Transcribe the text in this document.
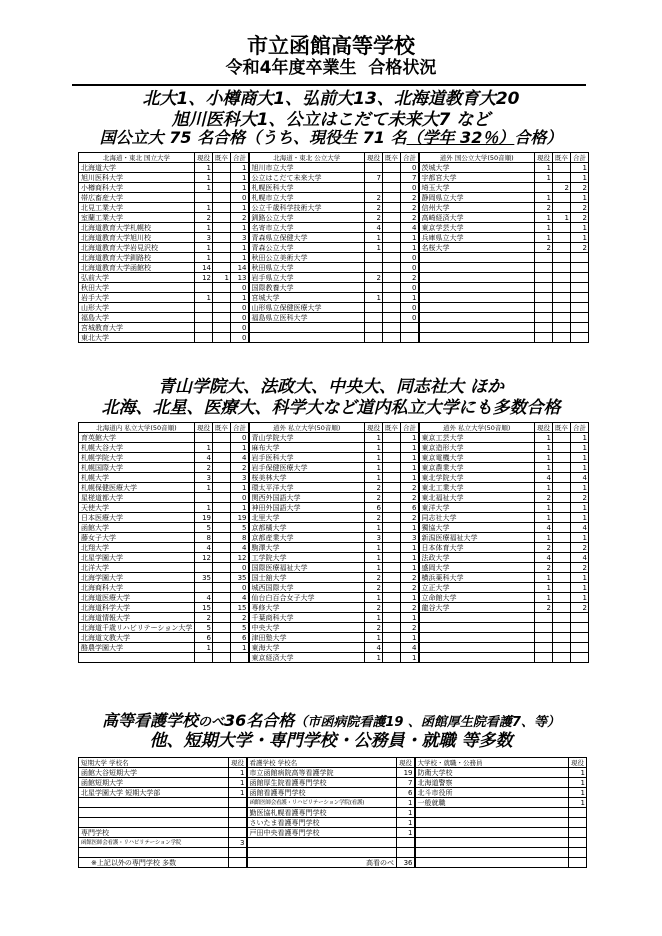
市立函館高等学校
令和4年度卒業生 合格状況
北大1、小樽商大1、弘前大13、北海道教育大20
旭川医科大1、公立はこだて未来大7 など
国公立大 75 名合格（うち、現役生 71 名（学年 32％）合格）
北海道・東北 国立大学	現役	既卒	合計	北海道・東北 公立大学	現役	既卒	合計	道外 国公立大学(50音順)	現役	既卒	合計
北海道大学	1		1	旭川市立大学			0	茨城大学	1		1
旭川医科大学	1		1	公立はこだて未来大学	7		7	宇都宮大学	1		1
小樽商科大学	1		1	札幌医科大学			0	埼玉大学		2	2
帯広畜産大学			0	札幌市立大学	2		2	静岡県立大学	1		1
北見工業大学	1		1	公立千歳科学技術大学	2		2	信州大学	2		2
室蘭工業大学	2		2	釧路公立大学	2		2	高崎経済大学	1	1	2
北海道教育大学札幌校	1		1	名寄市立大学	4		4	東京学芸大学	1		1
北海道教育大学旭川校	3		3	青森県立保健大学	1		1	兵庫県立大学	1		1
北海道教育大学岩見沢校	1		1	青森公立大学	1		1	名桜大学	2		2
北海道教育大学釧路校	1		1	秋田公立美術大学			0				
北海道教育大学函館校	14		14	秋田県立大学			0				
弘前大学	12	1	13	岩手県立大学	2		2				
秋田大学			0	国際教養大学			0				
岩手大学	1		1	宮城大学	1		1				
山形大学			0	山形県立保健医療大学			0				
福島大学			0	福島県立医科大学			0				
宮城教育大学			0								
東北大学			0								
青山学院大、法政大、中央大、同志社大 ほか
北海、北星、医療大、科学大など道内私立大学にも多数合格
北海道内 私立大学(50音順)	現役	既卒	合計	道外 私立大学(50音順)	現役	既卒	合計	道外 私立大学(50音順)	現役	既卒	合計
育英館大学			0	青山学院大学	1		1	東京工芸大学	1		1
札幌大谷大学	1		1	麻布大学	1		1	東京造形大学	1		1
札幌学院大学	4		4	岩手医科大学	1		1	東京電機大学	1		1
札幌国際大学	2		2	岩手保健医療大学	1		1	東京農業大学	1		1
札幌大学	3		3	桜美林大学	1		1	東北学院大学	4		4
札幌保健医療大学	1		1	環太平洋大学	2		2	東北工業大学	1		1
星槎道都大学			0	関西外国語大学	2		2	東北福祉大学	2		2
天使大学	1		1	神田外国語大学	6		6	東洋大学	1		1
日本医療大学	19		19	北里大学	2		2	同志社大学	1		1
函館大学	5		5	京都橘大学	1		1	獨協大学	4		4
藤女子大学	8		8	京都産業大学	3		3	新潟医療福祉大学	1		1
北翔大学	4		4	駒澤大学	1		1	日本体育大学	2		2
北星学園大学	12		12	工学院大学	1		1	法政大学	4		4
北洋大学			0	国際医療福祉大学	1		1	盛岡大学	2		2
北海学園大学	35		35	国士舘大学	2		2	横浜薬科大学	1		1
北海商科大学			0	城西国際大学	2		2	立正大学	1		1
北海道医療大学	4		4	仙台白百合女子大学	1		1	立命館大学	1		1
北海道科学大学	15		15	専修大学	2		2	龍谷大学	2		2
北海道情報大学	2		2	千葉商科大学	1		1				
北海道千歳リハビリテーション大学	5		5	中央大学	2		2				
北海道文教大学	6		6	津田塾大学	1		1				
酪農学園大学	1		1	東海大学	4		4				
				東京経済大学	1		1				
高等看護学校のべ36名合格（市函病院看護19 、函館厚生院看護7、等）
他、短期大学・専門学校・公務員・就職 等多数
短期大学 学校名	現役	看護学校 学校名	現役	大学校・就職・公務員	現役
函館大谷短期大学	1	市立函館病院高等看護学院	19	防衛大学校	1
函館短期大学	1	函館厚生院看護専門学校	7	北海道警察	1
北星学園大学 短期大学部	1	函館看護専門学校	6	北斗市役所	1
		函館医師会看護・リハビリテーション学院(看護)	1	一般就職	1
		勤医協札幌看護専門学校	1		
		さいたま看護専門学校	1		
専門学校		戸田中央看護専門学校	1		
函館医師会看護・リハビリテーション学院	3				

※上記以外の専門学校 多数		高看のべ	36		
